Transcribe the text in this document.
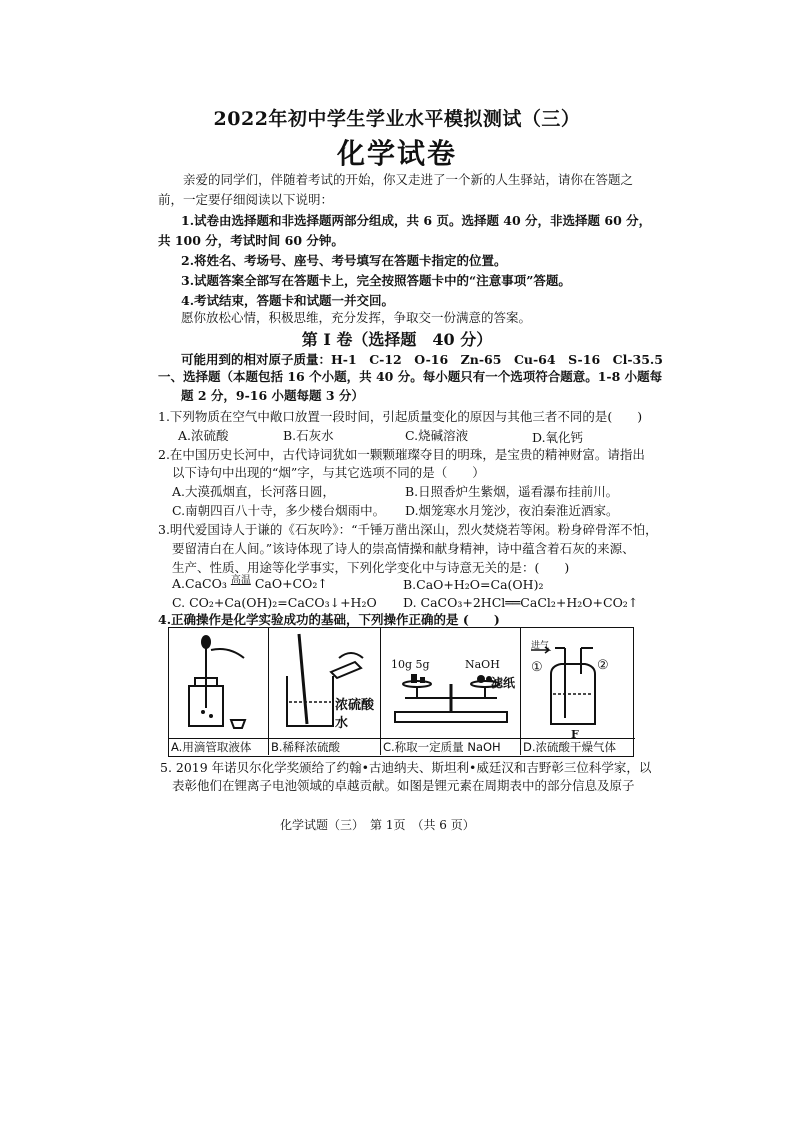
2022年初中学生学业水平模拟测试（三）
化学试卷
亲爱的同学们，伴随着考试的开始，你又走进了一个新的人生驿站，请你在答题之
前，一定要仔细阅读以下说明：
1.试卷由选择题和非选择题两部分组成，共 6 页。选择题 40 分，非选择题 60 分，
共 100 分，考试时间 60 分钟。
2.将姓名、考场号、座号、考号填写在答题卡指定的位置。
3.试题答案全部写在答题卡上，完全按照答题卡中的“注意事项”答题。
4.考试结束，答题卡和试题一并交回。
愿你放松心情，积极思维，充分发挥，争取交一份满意的答案。
第 I 卷（选择题　40 分）
可能用到的相对原子质量：H-1　C-12　O-16　Zn-65　Cu-64　S-16　Cl-35.5
一、选择题（本题包括 16 个小题，共 40 分。每小题只有一个选项符合题意。1-8 小题每
题 2 分，9-16 小题每题 3 分）
1.下列物质在空气中敞口放置一段时间，引起质量变化的原因与其他三者不同的是(　　)
A.浓硫酸	B.石灰水	C.烧碱溶液	D.氧化钙
2.在中国历史长河中，古代诗词犹如一颗颗璀璨夺目的明珠，是宝贵的精神财富。请指出
以下诗句中出现的“烟”字，与其它选项不同的是（　　）
A.大漠孤烟直，长河落日圆，	B.日照香炉生紫烟，遥看瀑布挂前川。
C.南朝四百八十寺，多少楼台烟雨中。 D.烟笼寒水月笼沙，夜泊秦淮近酒家。
3.明代爱国诗人于谦的《石灰吟》：“千锤万凿出深山，烈火焚烧若等闲。粉身碎骨浑不怕，
要留清白在人间。”该诗体现了诗人的崇高情操和献身精神，诗中蕴含着石灰的来源、
生产、性质、用途等化学事实，下列化学变化中与诗意无关的是：(　　)
A.CaCO₃ $^{高温}$ CaO+CO₂↑	B.CaO+H₂O=Ca(OH)₂
C. CO₂+Ca(OH)₂=CaCO₃↓+H₂O D. CaCO₃+2HCl══CaCl₂+H₂O+CO₂↑
4.正确操作是化学实验成功的基础，下列操作正确的是 (　　)
A.用滴管取液体
浓硫酸
水
B.稀释浓硫酸
10g 5g	NaOH
滤纸
C.称取一定质量 NaOH
进气
①	②
F
D.浓硫酸干燥气体
5. 2019 年诺贝尔化学奖颁给了约翰•古迪纳夫、斯坦利•威廷汉和吉野彰三位科学家，以
表彰他们在锂离子电池领域的卓越贡献。如图是锂元素在周期表中的部分信息及原子
化学试题（三）　第 1页　（共 6 页）
